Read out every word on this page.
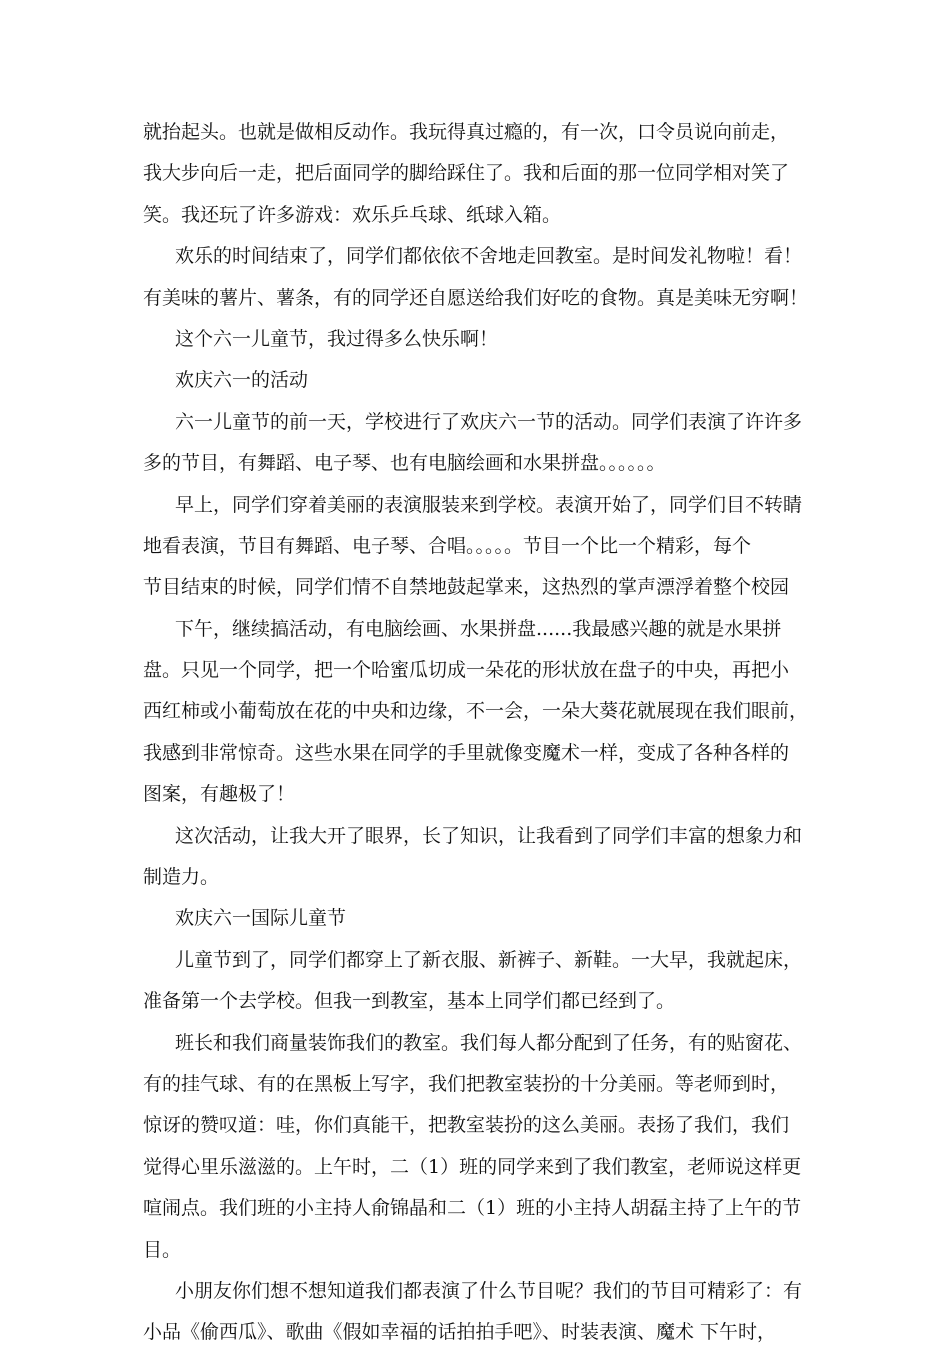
就抬起头。也就是做相反动作。我玩得真过瘾的，有一次，口令员说向前走，
我大步向后一走，把后面同学的脚给踩住了。我和后面的那一位同学相对笑了
笑。我还玩了许多游戏：欢乐乒乓球、纸球入箱。
欢乐的时间结束了，同学们都依依不舍地走回教室。是时间发礼物啦！看！
有美味的薯片、薯条，有的同学还自愿送给我们好吃的食物。真是美味无穷啊！
这个六一儿童节，我过得多么快乐啊！
欢庆六一的活动
六一儿童节的前一天，学校进行了欢庆六一节的活动。同学们表演了许许多
多的节目，有舞蹈、电子琴、也有电脑绘画和水果拼盘。。。。。。
早上，同学们穿着美丽的表演服装来到学校。表演开始了，同学们目不转睛
地看表演，节目有舞蹈、电子琴、合唱。。。。。节目一个比一个精彩，每个
节目结束的时候，同学们情不自禁地鼓起掌来，这热烈的掌声漂浮着整个校园
下午，继续搞活动，有电脑绘画、水果拼盘......我最感兴趣的就是水果拼
盘。只见一个同学，把一个哈蜜瓜切成一朵花的形状放在盘子的中央，再把小
西红柿或小葡萄放在花的中央和边缘，不一会，一朵大葵花就展现在我们眼前，
我感到非常惊奇。这些水果在同学的手里就像变魔术一样，变成了各种各样的
图案，有趣极了！
这次活动，让我大开了眼界，长了知识，让我看到了同学们丰富的想象力和
制造力。
欢庆六一国际儿童节
儿童节到了，同学们都穿上了新衣服、新裤子、新鞋。一大早，我就起床，
准备第一个去学校。但我一到教室，基本上同学们都已经到了。
班长和我们商量装饰我们的教室。我们每人都分配到了任务，有的贴窗花、
有的挂气球、有的在黑板上写字，我们把教室装扮的十分美丽。等老师到时，
惊讶的赞叹道：哇，你们真能干，把教室装扮的这么美丽。表扬了我们，我们
觉得心里乐滋滋的。上午时，二（1）班的同学来到了我们教室，老师说这样更
喧闹点。我们班的小主持人俞锦晶和二（1）班的小主持人胡磊主持了上午的节
目。
小朋友你们想不想知道我们都表演了什么节目呢？我们的节目可精彩了：有
小品《偷西瓜》、歌曲《假如幸福的话拍拍手吧》、时装表演、魔术 下午时，
